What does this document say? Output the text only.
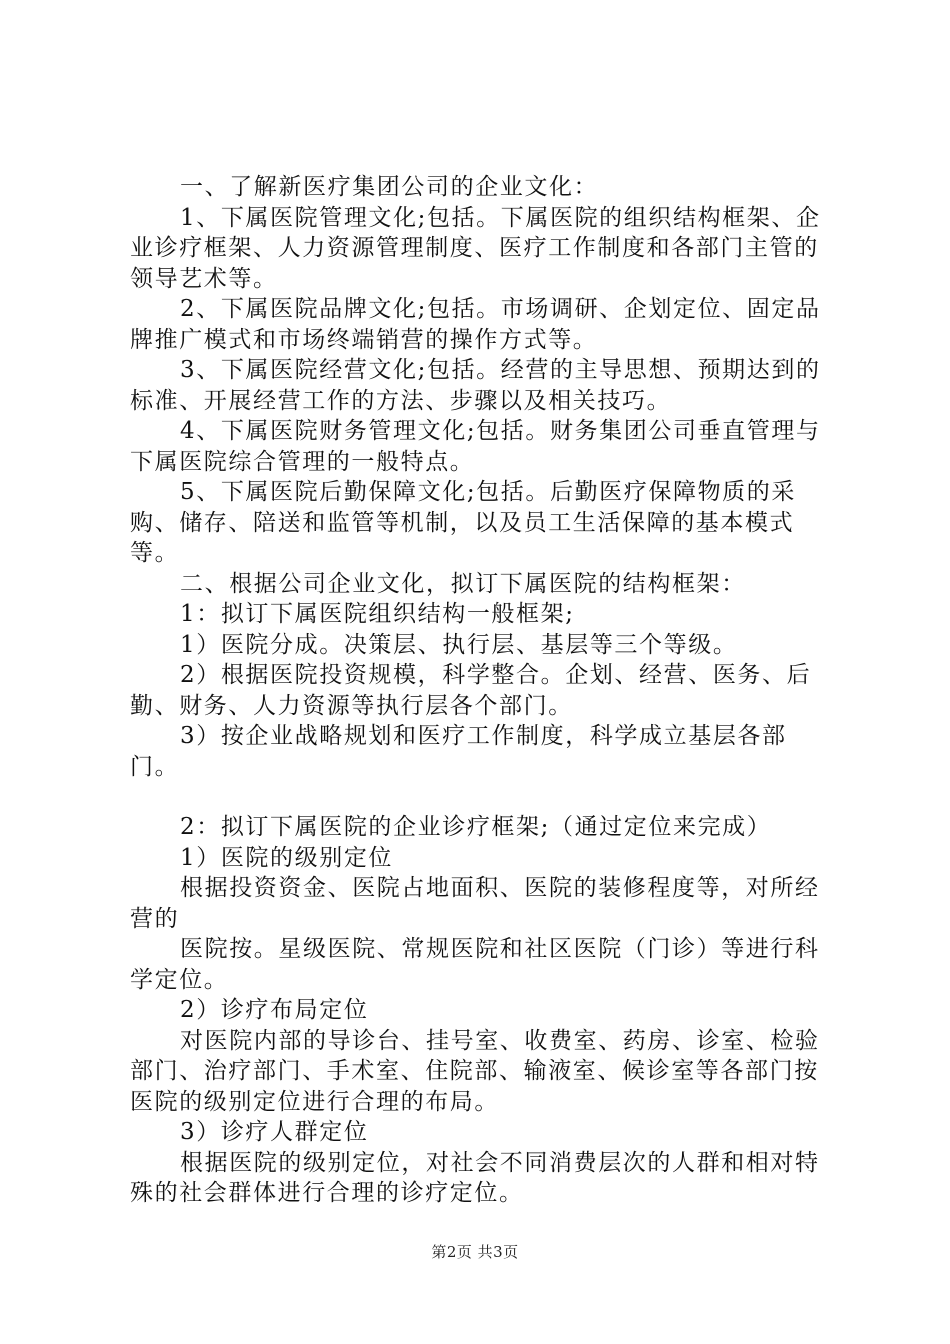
一、了解新医疗集团公司的企业文化：

1、下属医院管理文化;包括。下属医院的组织结构框架、企业诊疗框架、人力资源管理制度、医疗工作制度和各部门主管的领导艺术等。

2、下属医院品牌文化;包括。市场调研、企划定位、固定品牌推广模式和市场终端销营的操作方式等。

3、下属医院经营文化;包括。经营的主导思想、预期达到的标准、开展经营工作的方法、步骤以及相关技巧。

4、下属医院财务管理文化;包括。财务集团公司垂直管理与下属医院综合管理的一般特点。

5、下属医院后勤保障文化;包括。后勤医疗保障物质的采购、储存、陪送和监管等机制，以及员工生活保障的基本模式等。

二、根据公司企业文化，拟订下属医院的结构框架：

1：拟订下属医院组织结构一般框架;

1）医院分成。决策层、执行层、基层等三个等级。

2）根据医院投资规模，科学整合。企划、经营、医务、后勤、财务、人力资源等执行层各个部门。

3）按企业战略规划和医疗工作制度，科学成立基层各部门。

2：拟订下属医院的企业诊疗框架;（通过定位来完成）

1）医院的级别定位

根据投资资金、医院占地面积、医院的装修程度等，对所经营的

医院按。星级医院、常规医院和社区医院（门诊）等进行科学定位。

2）诊疗布局定位

对医院内部的导诊台、挂号室、收费室、药房、诊室、检验部门、治疗部门、手术室、住院部、输液室、候诊室等各部门按医院的级别定位进行合理的布局。

3）诊疗人群定位

根据医院的级别定位，对社会不同消费层次的人群和相对特殊的社会群体进行合理的诊疗定位。

第2页 共3页
